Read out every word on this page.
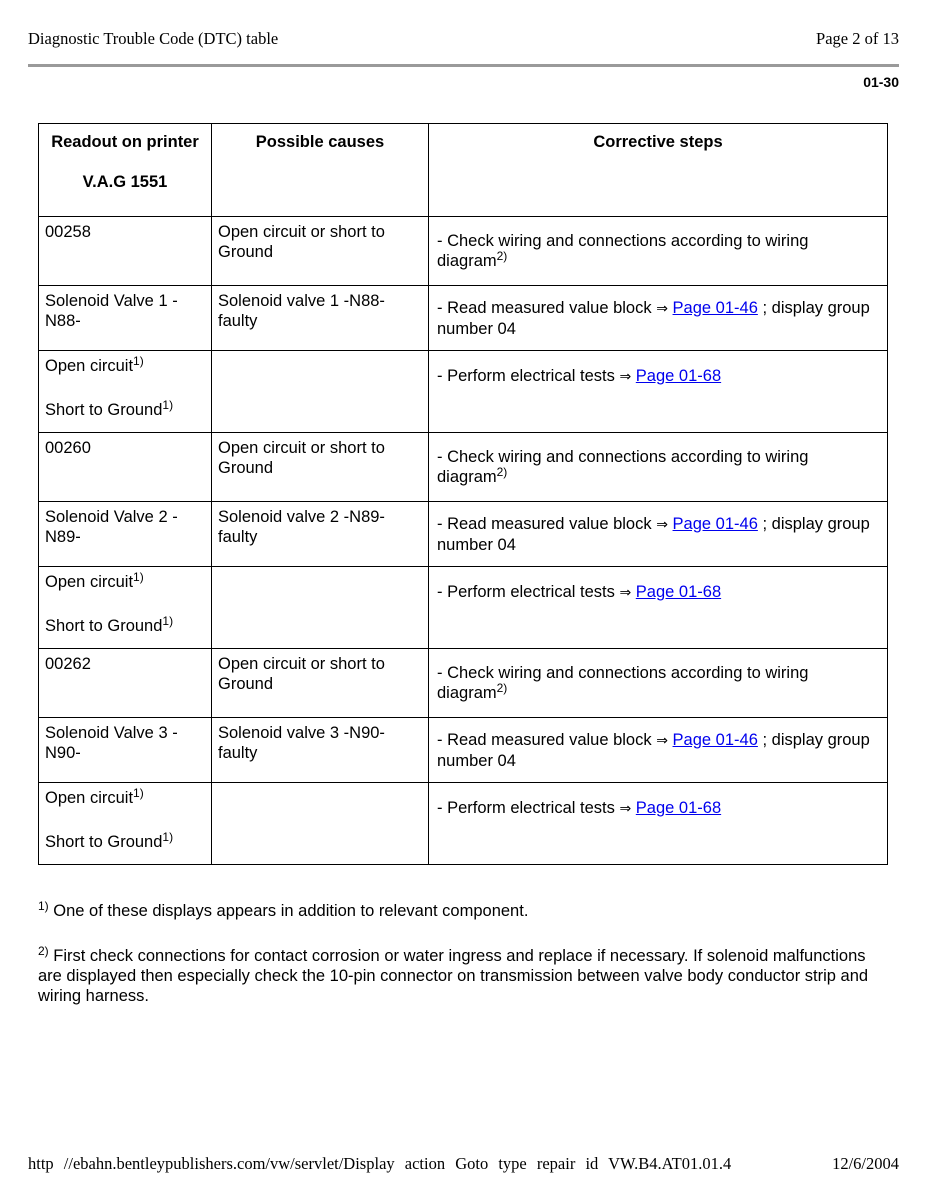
Diagnostic Trouble Code (DTC) table	Page 2 of 13
01-30
Readout on printer

V.A.G 1551	Possible causes	Corrective steps
00258	Open circuit or short to Ground	- Check wiring and connections according to wiring diagram$^{2)}$
Solenoid Valve 1 -N88-	Solenoid valve 1 -N88-faulty	- Read measured value block ⇒ Page 01-46 ; display group number 04
Open circuit$^{1)}$
Short to Ground$^{1)}$		- Perform electrical tests ⇒ Page 01-68
00260	Open circuit or short to Ground	- Check wiring and connections according to wiring diagram$^{2)}$
Solenoid Valve 2 -N89-	Solenoid valve 2 -N89-faulty	- Read measured value block ⇒ Page 01-46 ; display group number 04
Open circuit$^{1)}$
Short to Ground$^{1)}$		- Perform electrical tests ⇒ Page 01-68
00262	Open circuit or short to Ground	- Check wiring and connections according to wiring diagram$^{2)}$
Solenoid Valve 3 -N90-	Solenoid valve 3 -N90-faulty	- Read measured value block ⇒ Page 01-46 ; display group number 04
Open circuit$^{1)}$
Short to Ground$^{1)}$		- Perform electrical tests ⇒ Page 01-68
$^{1)}$ One of these displays appears in addition to relevant component.
$^{2)}$ First check connections for contact corrosion or water ingress and replace if necessary. If solenoid malfunctions are displayed then especially check the 10-pin connector on transmission between valve body conductor strip and wiring harness.
http //ebahn.bentleypublishers.com/vw/servlet/Display action Goto type repair id VW.B4.AT01.01.4	12/6/2004
